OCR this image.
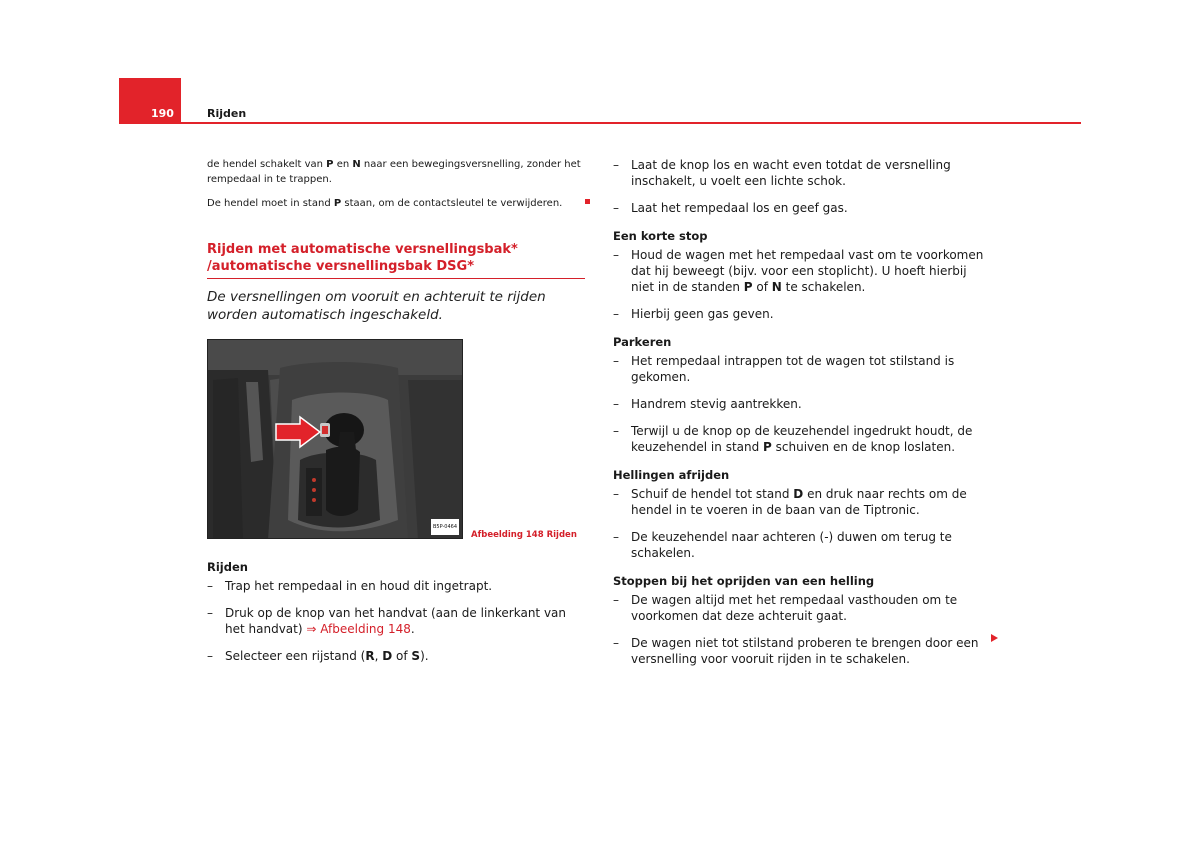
190	Rijden

de hendel schakelt van P en N naar een bewegingsversnelling, zonder het rempedaal in te trappen.

De hendel moet in stand P staan, om de contactsleutel te verwijderen.

Rijden met automatische versnellingsbak* /automatische versnellingsbak DSG*

De versnellingen om vooruit en achteruit te rijden worden automatisch ingeschakeld.

B5P-0464
Afbeelding 148 Rijden
Rijden
– Trap het rempedaal in en houd dit ingetrapt.
– Druk op de knop van het handvat (aan de linkerkant van het handvat) ⇒ Afbeelding 148.
– Selecteer een rijstand (R, D of S).
– Laat de knop los en wacht even totdat de versnelling inschakelt, u voelt een lichte schok.
– Laat het rempedaal los en geef gas.
Een korte stop
– Houd de wagen met het rempedaal vast om te voorkomen dat hij beweegt (bijv. voor een stoplicht). U hoeft hierbij niet in de standen P of N te schakelen.
– Hierbij geen gas geven.
Parkeren
– Het rempedaal intrappen tot de wagen tot stilstand is gekomen.
– Handrem stevig aantrekken.
– Terwijl u de knop op de keuzehendel ingedrukt houdt, de keuzehendel in stand P schuiven en de knop loslaten.
Hellingen afrijden
– Schuif de hendel tot stand D en druk naar rechts om de hendel in te voeren in de baan van de Tiptronic.
– De keuzehendel naar achteren (-) duwen om terug te schakelen.
Stoppen bij het oprijden van een helling
– De wagen altijd met het rempedaal vasthouden om te voorkomen dat deze achteruit gaat.
– De wagen niet tot stilstand proberen te brengen door een versnelling voor vooruit rijden in te schakelen.
